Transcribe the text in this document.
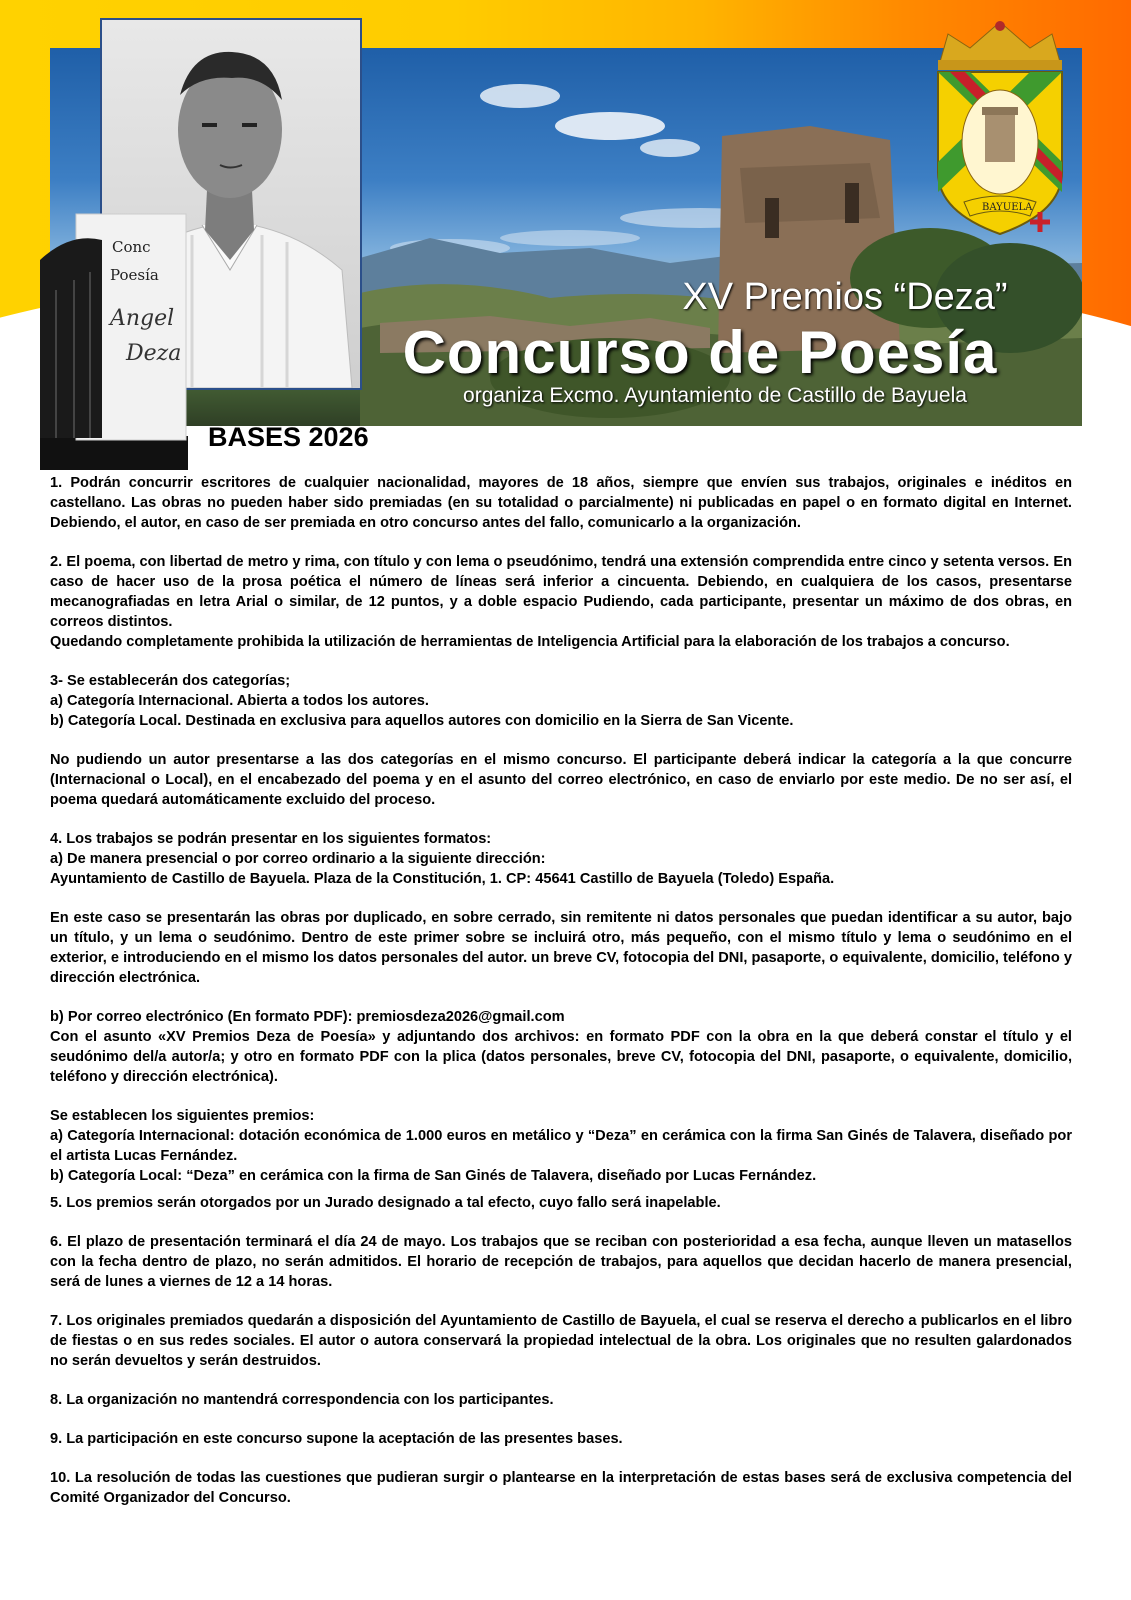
Conc
Poesía
Angel
Deza
BAYUELA
XV Premios “Deza”
Concurso de Poesía
organiza Excmo. Ayuntamiento de Castillo de Bayuela
BASES 2026

1. Podrán concurrir escritores de cualquier nacionalidad, mayores de 18 años, siempre que envíen sus trabajos, originales e inéditos en castellano. Las obras no pueden haber sido premiadas (en su totalidad o parcialmente) ni publicadas en papel o en formato digital en Internet. Debiendo, el autor, en caso de ser premiada en otro concurso antes del fallo, comunicarlo a la organización.

2. El poema, con libertad de metro y rima, con título y con lema o pseudónimo, tendrá una extensión comprendida entre cinco y setenta versos. En caso de hacer uso de la prosa poética el número de líneas será inferior a cincuenta. Debiendo, en cualquiera de los casos, presentarse mecanografiadas en letra Arial o similar, de 12 puntos, y a doble espacio Pudiendo, cada participante, presentar un máximo de dos obras, en correos distintos.

Quedando completamente prohibida la utilización de herramientas de Inteligencia Artificial para la elaboración de los trabajos a concurso.

3- Se establecerán dos categorías;

a) Categoría Internacional. Abierta a todos los autores.

b) Categoría Local. Destinada en exclusiva para aquellos autores con domicilio en la Sierra de San Vicente.

No pudiendo un autor presentarse a las dos categorías en el mismo concurso. El participante deberá indicar la categoría a la que concurre (Internacional o Local), en el encabezado del poema y en el asunto del correo electrónico, en caso de enviarlo por este medio. De no ser así, el poema quedará automáticamente excluido del proceso.

4. Los trabajos se podrán presentar en los siguientes formatos:

a) De manera presencial o por correo ordinario a la siguiente dirección:

Ayuntamiento de Castillo de Bayuela. Plaza de la Constitución, 1. CP: 45641 Castillo de Bayuela (Toledo) España.

En este caso se presentarán las obras por duplicado, en sobre cerrado, sin remitente ni datos personales que puedan identificar a su autor, bajo un título, y un lema o seudónimo. Dentro de este primer sobre se incluirá otro, más pequeño, con el mismo título y lema o seudónimo en el exterior, e introduciendo en el mismo los datos personales del autor. un breve CV, fotocopia del DNI, pasaporte, o equivalente, domicilio, teléfono y dirección electrónica.

b) Por correo electrónico (En formato PDF): premiosdeza2026@gmail.com

Con el asunto «XV Premios Deza de Poesía» y adjuntando dos archivos: en formato PDF con la obra en la que deberá constar el título y el seudónimo del/a autor/a; y otro en formato PDF con la plica (datos personales, breve CV, fotocopia del DNI, pasaporte, o equivalente, domicilio, teléfono y dirección electrónica).

Se establecen los siguientes premios:

a) Categoría Internacional: dotación económica de 1.000 euros en metálico y “Deza” en cerámica con la firma San Ginés de Talavera, diseñado por el artista Lucas Fernández.

b) Categoría Local: “Deza” en cerámica con la firma de San Ginés de Talavera, diseñado por Lucas Fernández.

5. Los premios serán otorgados por un Jurado designado a tal efecto, cuyo fallo será inapelable.

6. El plazo de presentación terminará el día 24 de mayo. Los trabajos que se reciban con posterioridad a esa fecha, aunque lleven un matasellos con la fecha dentro de plazo, no serán admitidos. El horario de recepción de trabajos, para aquellos que decidan hacerlo de manera presencial, será de lunes a viernes de 12 a 14 horas.

7. Los originales premiados quedarán a disposición del Ayuntamiento de Castillo de Bayuela, el cual se reserva el derecho a publicarlos en el libro de fiestas o en sus redes sociales. El autor o autora conservará la propiedad intelectual de la obra. Los originales que no resulten galardonados no serán devueltos y serán destruidos.

8. La organización no mantendrá correspondencia con los participantes.

9. La participación en este concurso supone la aceptación de las presentes bases.

10. La resolución de todas las cuestiones que pudieran surgir o plantearse en la interpretación de estas bases será de exclusiva competencia del Comité Organizador del Concurso.
